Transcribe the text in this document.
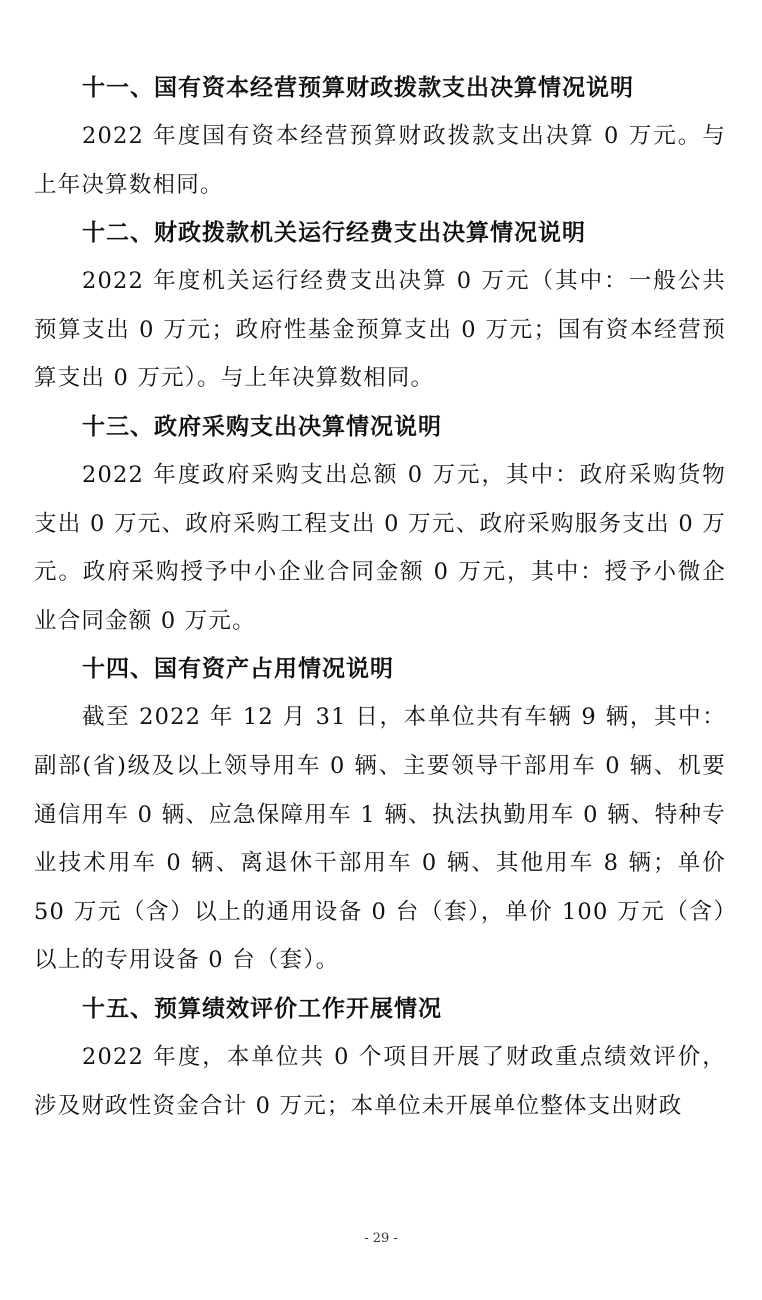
十一、国有资本经营预算财政拨款支出决算情况说明

2022 年度国有资本经营预算财政拨款支出决算 0 万元。与上年决算数相同。

十二、财政拨款机关运行经费支出决算情况说明

2022 年度机关运行经费支出决算 0 万元（其中：一般公共预算支出 0 万元；政府性基金预算支出 0 万元；国有资本经营预算支出 0 万元）。与上年决算数相同。

十三、政府采购支出决算情况说明

2022 年度政府采购支出总额 0 万元，其中：政府采购货物支出 0 万元、政府采购工程支出 0 万元、政府采购服务支出 0 万元。政府采购授予中小企业合同金额 0 万元，其中：授予小微企业合同金额 0 万元。

十四、国有资产占用情况说明

截至 2022 年 12 月 31 日，本单位共有车辆 9 辆，其中：副部(省)级及以上领导用车 0 辆、主要领导干部用车 0 辆、机要通信用车 0 辆、应急保障用车 1 辆、执法执勤用车 0 辆、特种专业技术用车 0 辆、离退休干部用车 0 辆、其他用车 8 辆；单价 50 万元（含）以上的通用设备 0 台（套），单价 100 万元（含）以上的专用设备 0 台（套）。

十五、预算绩效评价工作开展情况

2022 年度，本单位共 0 个项目开展了财政重点绩效评价，涉及财政性资金合计 0 万元；本单位未开展单位整体支出财政

- 29 -
